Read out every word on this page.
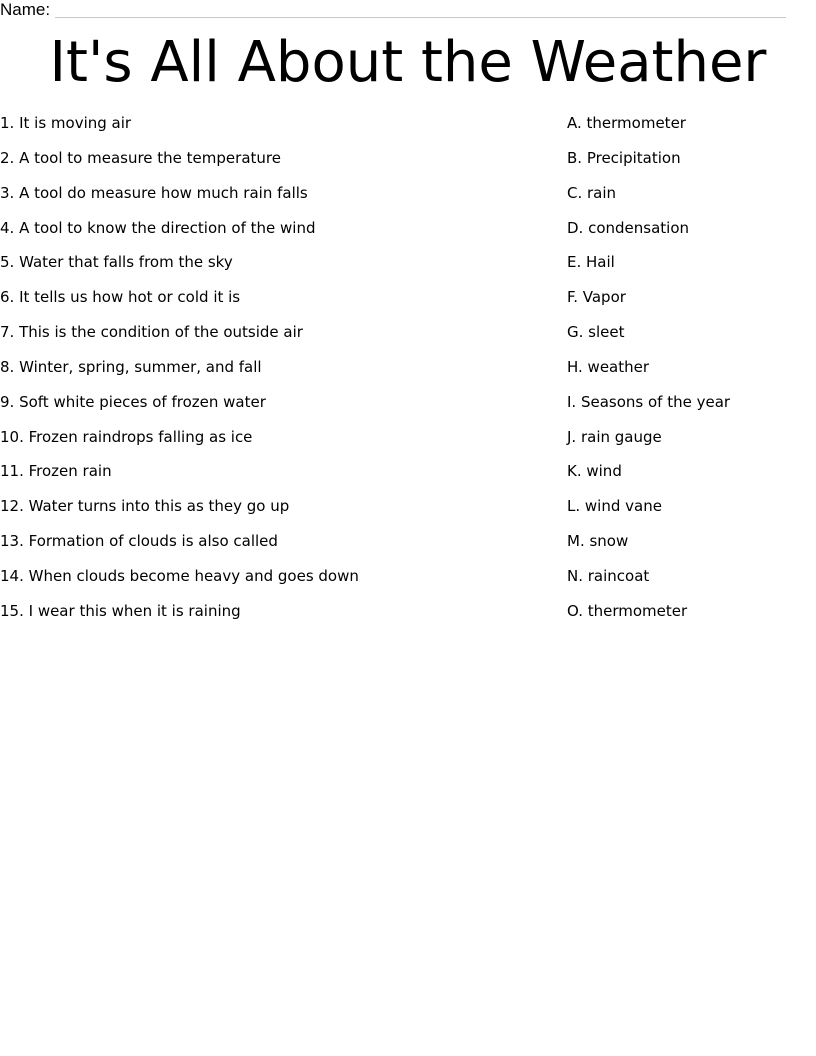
Name:
It's All About the Weather
1. It is moving air
2. A tool to measure the temperature
3. A tool do measure how much rain falls
4. A tool to know the direction of the wind
5. Water that falls from the sky
6. It tells us how hot or cold it is
7. This is the condition of the outside air
8. Winter, spring, summer, and fall
9. Soft white pieces of frozen water
10. Frozen raindrops falling as ice
11. Frozen rain
12. Water turns into this as they go up
13. Formation of clouds is also called
14. When clouds become heavy and goes down
15. I wear this when it is raining
A. thermometer
B. Precipitation
C. rain
D. condensation
E. Hail
F. Vapor
G. sleet
H. weather
I. Seasons of the year
J. rain gauge
K. wind
L. wind vane
M. snow
N. raincoat
O. thermometer
